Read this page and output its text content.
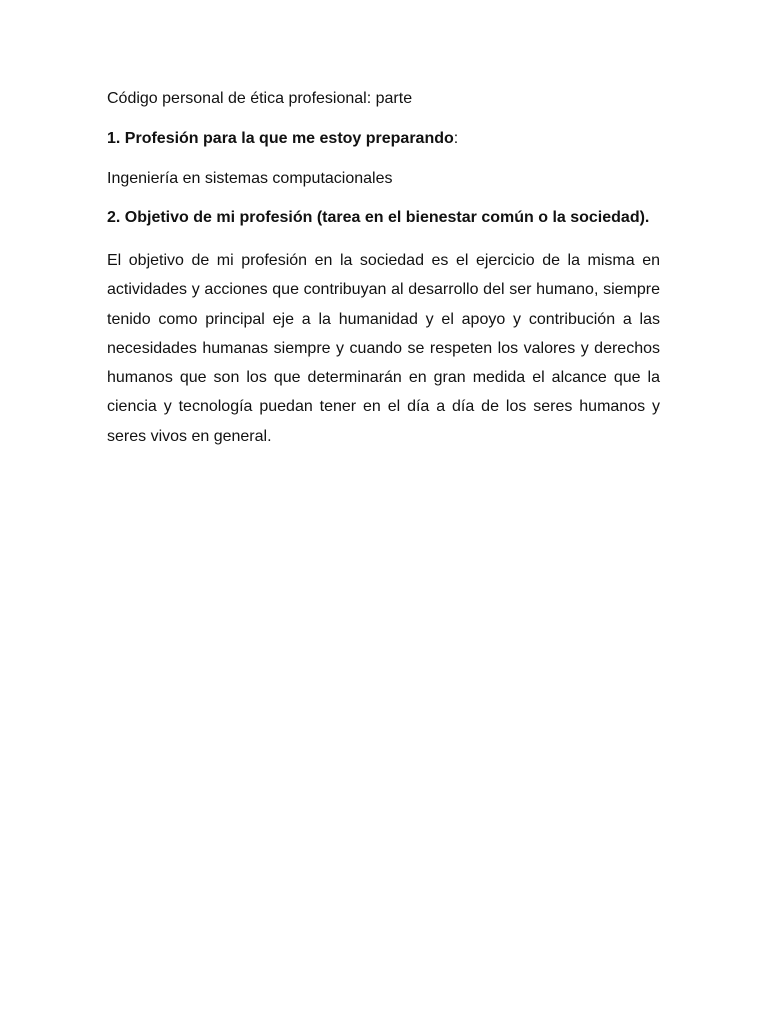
Código personal de ética profesional: parte

1. Profesión para la que me estoy preparando:

Ingeniería en sistemas computacionales

2. Objetivo de mi profesión (tarea en el bienestar común o la sociedad).

El objetivo de mi profesión en la sociedad es el ejercicio de la misma en actividades y acciones que contribuyan al desarrollo del ser humano, siempre tenido como principal eje a la humanidad y el apoyo y contribución a las necesidades humanas siempre y cuando se respeten los valores y derechos humanos que son los que determinarán en gran medida el alcance que la ciencia y tecnología puedan tener en el día a día de los seres humanos y seres vivos en general.
